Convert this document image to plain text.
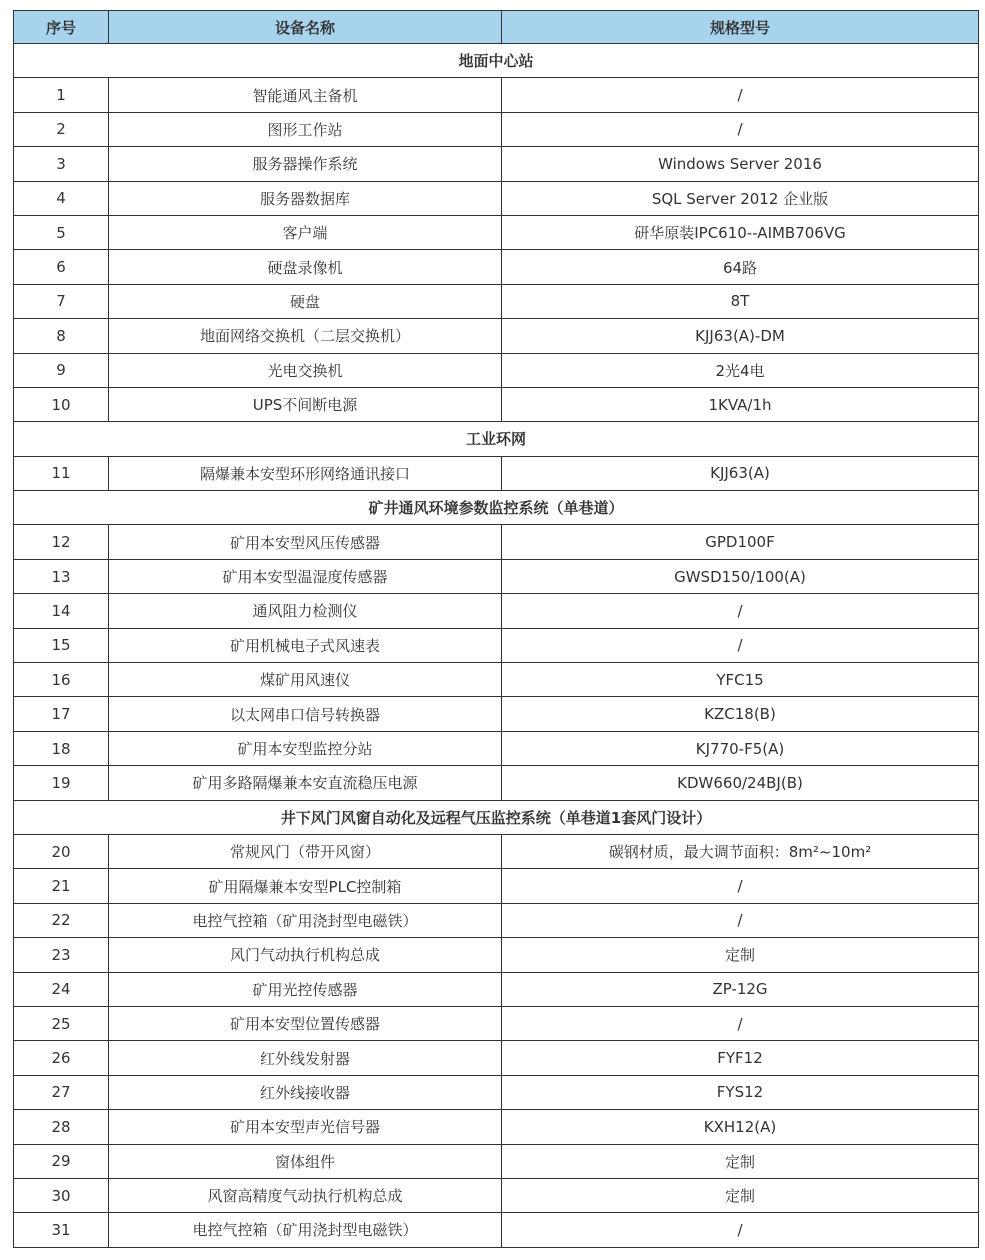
序号	设备名称	规格型号
地面中心站		
1	智能通风主备机	/
2	图形工作站	/
3	服务器操作系统	Windows Server 2016
4	服务器数据库	SQL Server 2012 企业版
5	客户端	研华原装IPC610--AIMB706VG
6	硬盘录像机	64路
7	硬盘	8T
8	地面网络交换机（二层交换机）	KJJ63(A)-DM
9	光电交换机	2光4电
10	UPS不间断电源	1KVA/1h
工业环网		
11	隔爆兼本安型环形网络通讯接口	KJJ63(A)
矿井通风环境参数监控系统（单巷道）		
12	矿用本安型风压传感器	GPD100F
13	矿用本安型温湿度传感器	GWSD150/100(A)
14	通风阻力检测仪	/
15	矿用机械电子式风速表	/
16	煤矿用风速仪	YFC15
17	以太网串口信号转换器	KZC18(B)
18	矿用本安型监控分站	KJ770-F5(A)
19	矿用多路隔爆兼本安直流稳压电源	KDW660/24BJ(B)
井下风门风窗自动化及远程气压监控系统（单巷道1套风门设计）		
20	常规风门（带开风窗）	碳钢材质，最大调节面积：8m²~10m²
21	矿用隔爆兼本安型PLC控制箱	/
22	电控气控箱（矿用浇封型电磁铁）	/
23	风门气动执行机构总成	定制
24	矿用光控传感器	ZP-12G
25	矿用本安型位置传感器	/
26	红外线发射器	FYF12
27	红外线接收器	FYS12
28	矿用本安型声光信号器	KXH12(A)
29	窗体组件	定制
30	风窗高精度气动执行机构总成	定制
31	电控气控箱（矿用浇封型电磁铁）	/
